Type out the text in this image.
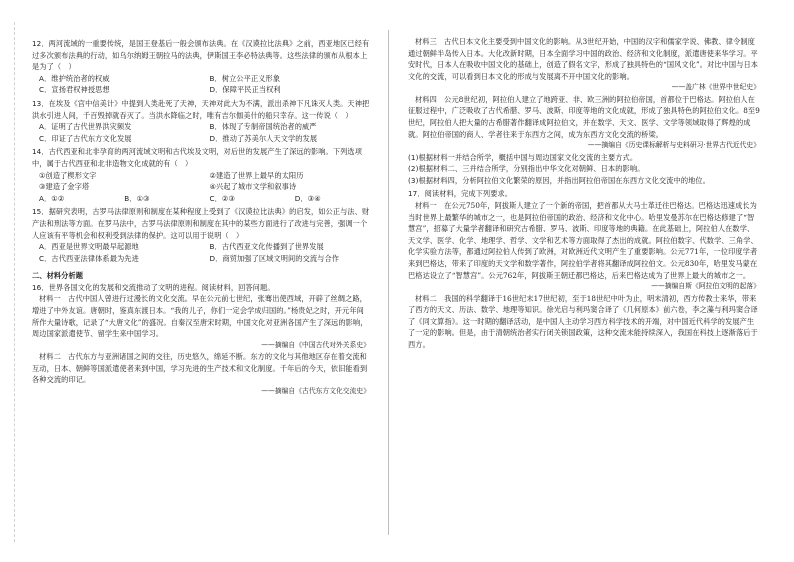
12．两河流域的一重要传统，是国王登基后一般会颁布法典。在《汉谟拉比法典》之前，西亚地区已经有过多次颁布法典的行动，如乌尔纳姆王朝拉马的法典，伊斯国王李必特法典等。这些法律的颁布从根本上是为了（　）

A．维护统治者的权威	B．树立公平正义形象
C．宣扬君权神授思想	D．保障平民正当权利

13．在埃及《宫中信美计》中提到人类赴死了天神，天神对此大为不满，派出杀神下凡诛灭人类。天神把洪水引进人间，千百毁掉就吞灭了。当洪水降临之时，唯有吉尔伽美什的船只幸存。这一传说（　）

A．证明了古代世界洪灾频发	B．体现了专制帝国统治者的威严
C．印证了古代东方文化发展	D．推动了苏美尔人天文学的发展

14．古代西亚和北非孕育的两河流域文明和古代埃及文明，对后世的发展产生了深远的影响。下列选项中，属于古代西亚和北非造物文化成就的有（　）

①创造了楔形文字	②建造了世界上最早的太阳历
③建造了金字塔	④兴起了城市文学和叙事诗
A．①②	B．①③	C．②③	D．③④

15．据研究表明，古罗马法律原则和制度在某种程度上受到了《汉谟拉比法典》的启发，如公正与法、财产法和刑法等方面。在罗马法中，古罗马法律原则和制度在其中的某些方面进行了改进与完善，强调一个人应该有平等机会和权利受到法律的保护。这可以用于说明（　）

A．西亚是世界文明最早起源地	B．古代西亚文化传播到了世界发展
C．古代西亚法律体系最为先进	D．商贸加强了区域文明间的交流与合作

二、材料分析题

16．世界各国文化的发展和交流推动了文明的进程。阅读材料，回答问题。

材料一　古代中国人曾进行过漫长的文化交流。早在公元前七世纪，张骞出使西域，开辟了丝绸之路，增进了中外友谊。唐朝时，鉴真东渡日本。“我的儿子，你们一定会学成归国的。”杨贵妃之时，开元年间所作大量诗歌，记录了“大唐文化”的盛况。自秦汉至唐宋时期，中国文化对亚洲各国产生了深远的影响，周边国家派遣使节、留学生来中国学习。

——摘编自《中国古代对外关系史》

材料二　古代东方与亚洲诸国之间的交往，历史悠久，绵延不断。东方的文化与其他地区存在着交流和互动，日本、朝鲜等国派遣使者来到中国，学习先进的生产技术和文化制度。千年后的今天，依旧能看到各种交流的印记。

——摘编自《古代东方文化交流史》

材料三　古代日本文化主要受到中国文化的影响。从3世纪开始，中国的汉字和儒家学说、佛教、律令制度通过朝鲜半岛传入日本。大化改新时期，日本全面学习中国的政治、经济和文化制度，派遣唐使来华学习。平安时代，日本人在吸收中国文化的基础上，创造了假名文字，形成了独具特色的“国风文化”。对比中国与日本文化的交流，可以看到日本文化的形成与发展离不开中国文化的影响。

——盖广林《世界中世纪史》

材料四　公元8世纪初，阿拉伯人建立了地跨亚、非、欧三洲的阿拉伯帝国，首都位于巴格达。阿拉伯人在征服过程中，广泛吸收了古代希腊、罗马、波斯、印度等地的文化成就，形成了独具特色的阿拉伯文化。8至9世纪，阿拉伯人把大量的古希腊著作翻译成阿拉伯文，并在数学、天文、医学、文学等领域取得了辉煌的成就。阿拉伯帝国的商人、学者往来于东西方之间，成为东西方文化交流的桥梁。

——摘编自《历史课标解析与史料研习·世界古代近代史》

(1)根据材料一并结合所学，概括中国与周边国家文化交流的主要方式。

(2)根据材料二、三并结合所学，分别指出中华文化对朝鲜、日本的影响。

(3)根据材料四，分析阿拉伯文化繁荣的原因，并指出阿拉伯帝国在东西方文化交流中的地位。

17．阅读材料，完成下列要求。

材料一　在公元750年，阿拔斯人建立了一个新的帝国，把首都从大马士革迁往巴格达。巴格达迅速成长为当时世界上最繁华的城市之一，也是阿拉伯帝国的政治、经济和文化中心。哈里发曼苏尔在巴格达修建了“智慧宫”，招募了大量学者翻译和研究古希腊、罗马、波斯、印度等地的典籍。在此基础上，阿拉伯人在数学、天文学、医学、化学、地理学、哲学、文学和艺术等方面取得了杰出的成就。阿拉伯数字、代数学、三角学、化学实验方法等，都通过阿拉伯人传到了欧洲，对欧洲近代文明产生了重要影响。公元771年，一位印度学者来到巴格达，带来了印度的天文学和数学著作，阿拉伯学者将其翻译成阿拉伯文。公元830年，哈里发马蒙在巴格达设立了“智慧宫”。公元762年，阿拔斯王朝迁都巴格达，后来巴格达成为了世界上最大的城市之一。

——摘编自斯《阿拉伯文明的起落》

材料二　我国的科学翻译于16世纪末17世纪初，至于18世纪中叶为止，明末清初，西方传教士来华，带来了西方的天文、历法、数学、地理等知识。徐光启与利玛窦合译了《几何原本》前六卷，李之藻与利玛窦合译了《同文算指》。这一时期的翻译活动，是中国人主动学习西方科学技术的开端，对中国近代科学的发展产生了一定的影响。但是，由于清朝统治者实行闭关锁国政策，这种交流未能持续深入，我国在科技上逐渐落后于西方。
